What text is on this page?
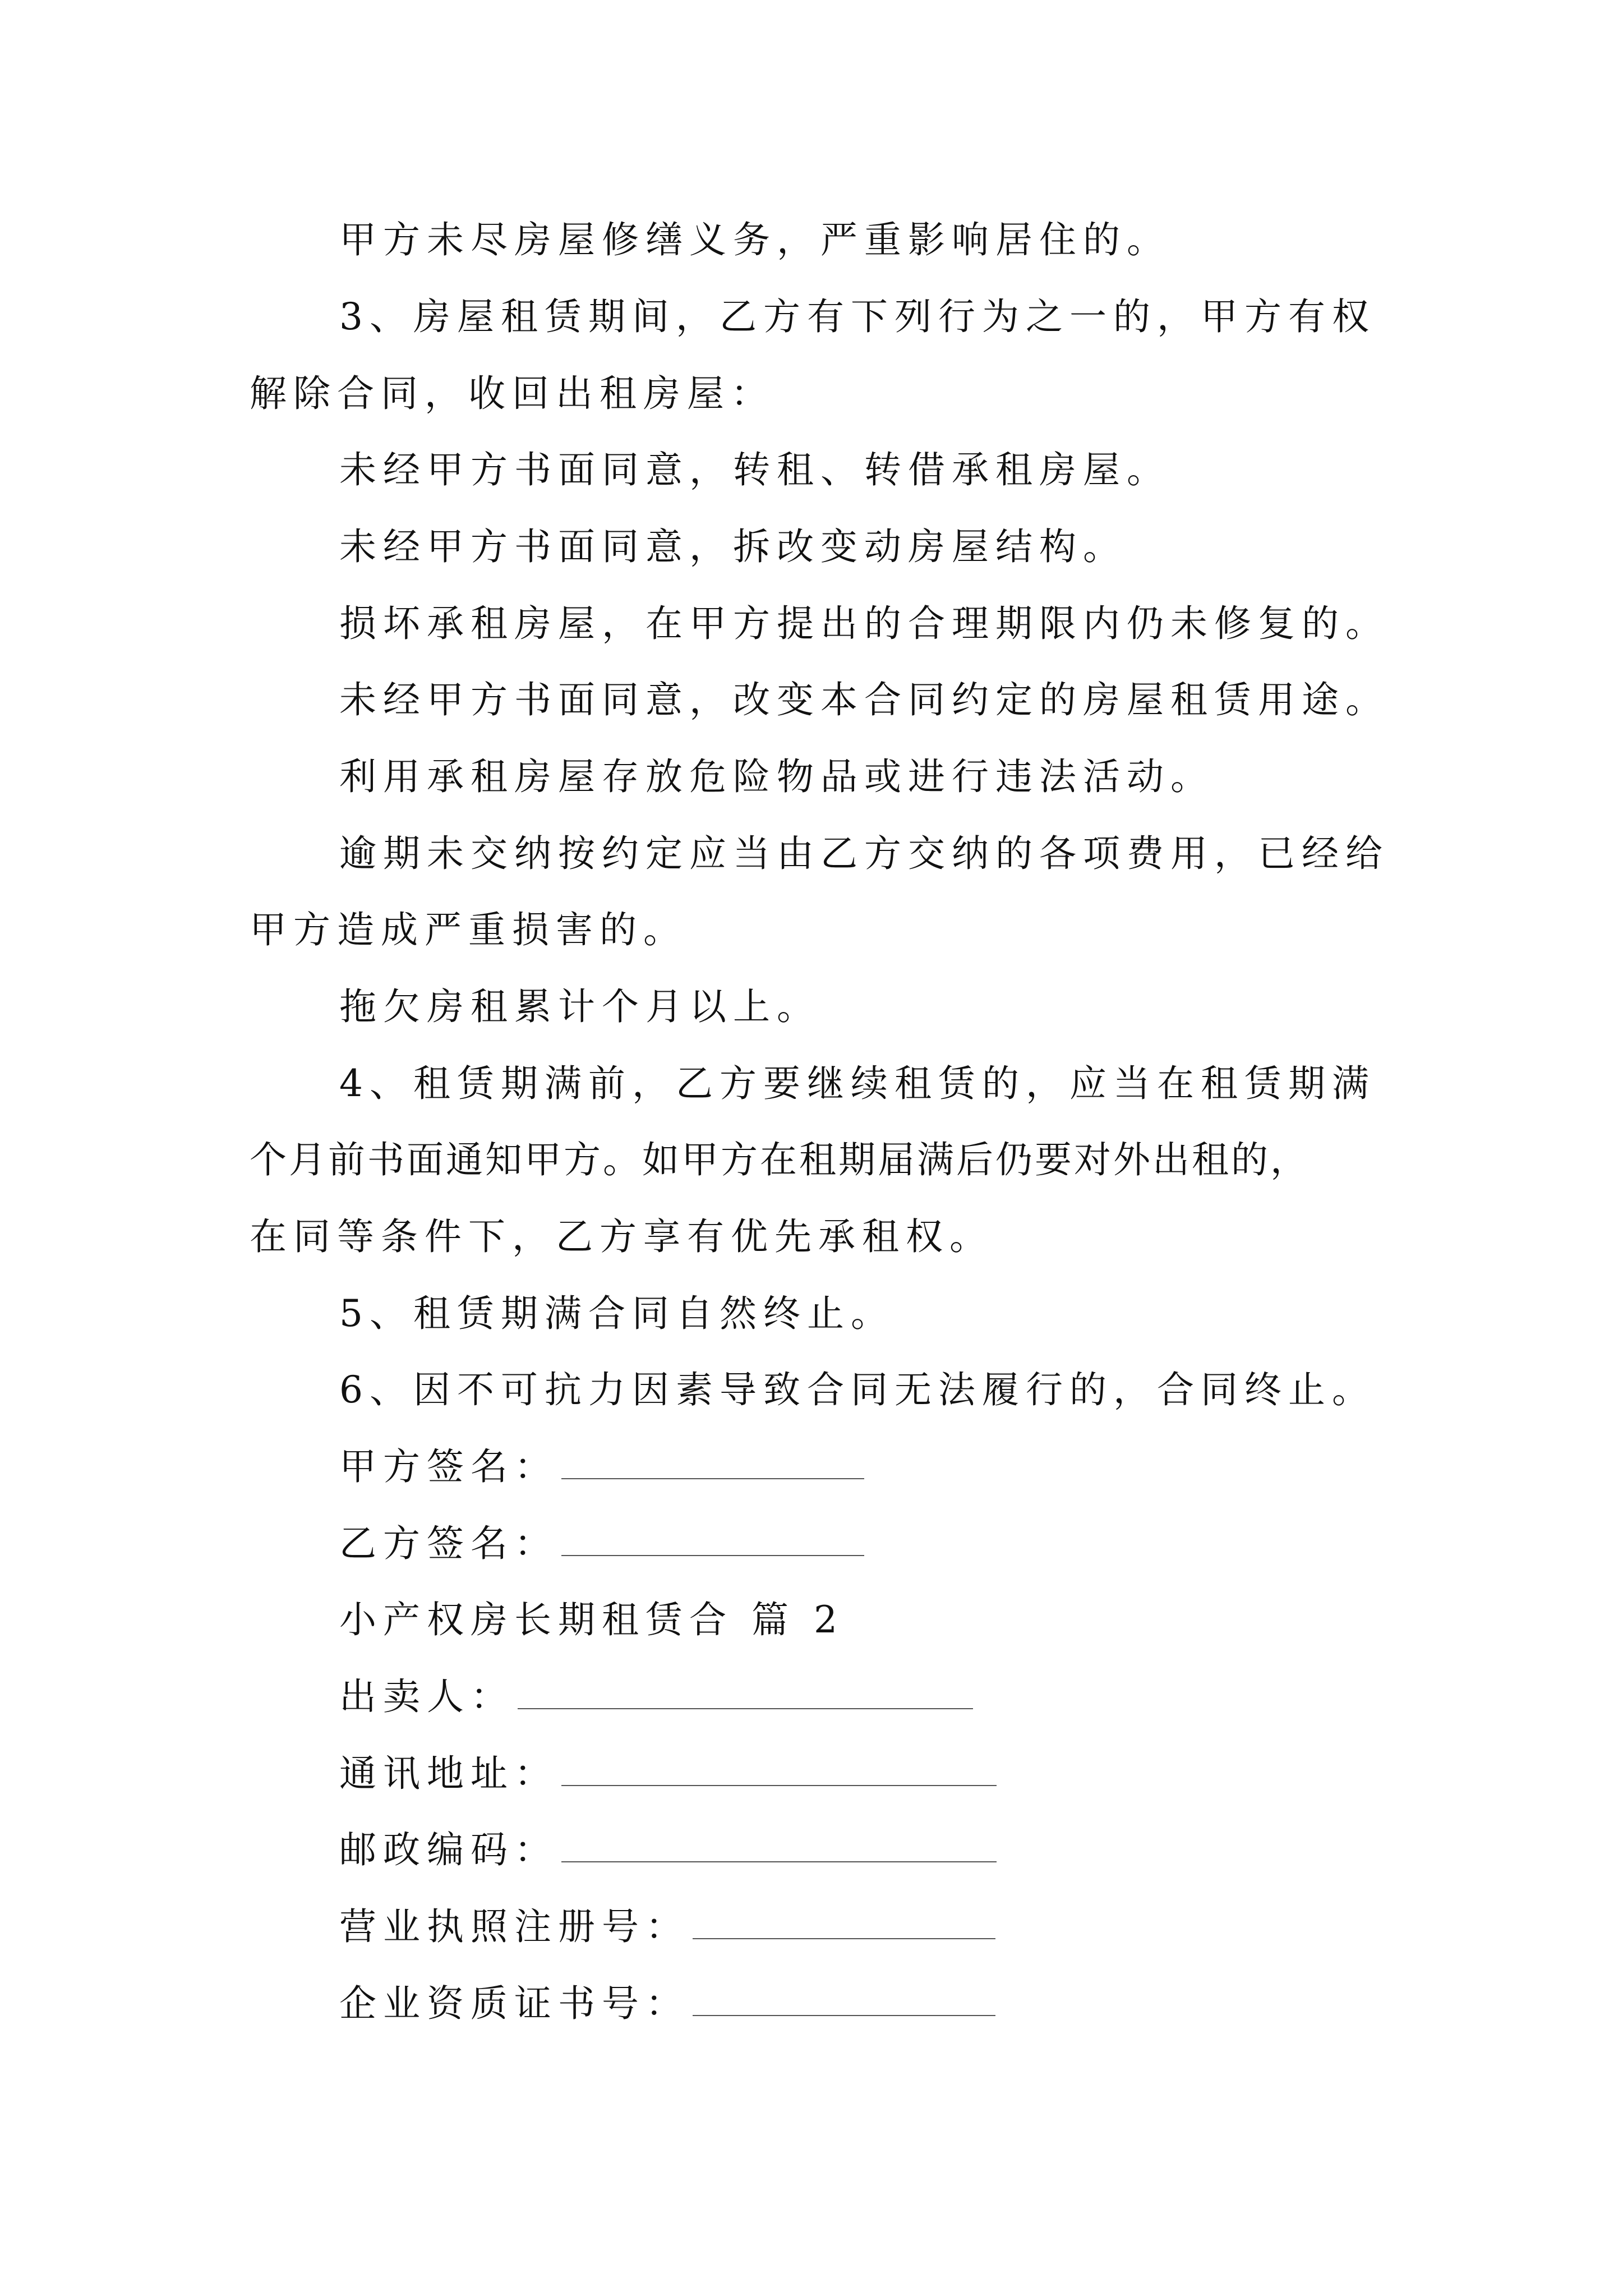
甲方未尽房屋修缮义务，严重影响居住的。
3、房屋租赁期间，乙方有下列行为之一的，甲方有权
解除合同，收回出租房屋：
未经甲方书面同意，转租、转借承租房屋。
未经甲方书面同意，拆改变动房屋结构。
损坏承租房屋，在甲方提出的合理期限内仍未修复的。
未经甲方书面同意，改变本合同约定的房屋租赁用途。
利用承租房屋存放危险物品或进行违法活动。
逾期未交纳按约定应当由乙方交纳的各项费用，已经给
甲方造成严重损害的。
拖欠房租累计个月以上。
4、租赁期满前，乙方要继续租赁的，应当在租赁期满
个月前书面通知甲方。如甲方在租期届满后仍要对外出租的，
在同等条件下，乙方享有优先承租权。
5、租赁期满合同自然终止。
6、因不可抗力因素导致合同无法履行的，合同终止。
甲方签名：
乙方签名：
小产权房长期租赁合 篇 2
出卖人：
通讯地址：
邮政编码：
营业执照注册号：
企业资质证书号：
